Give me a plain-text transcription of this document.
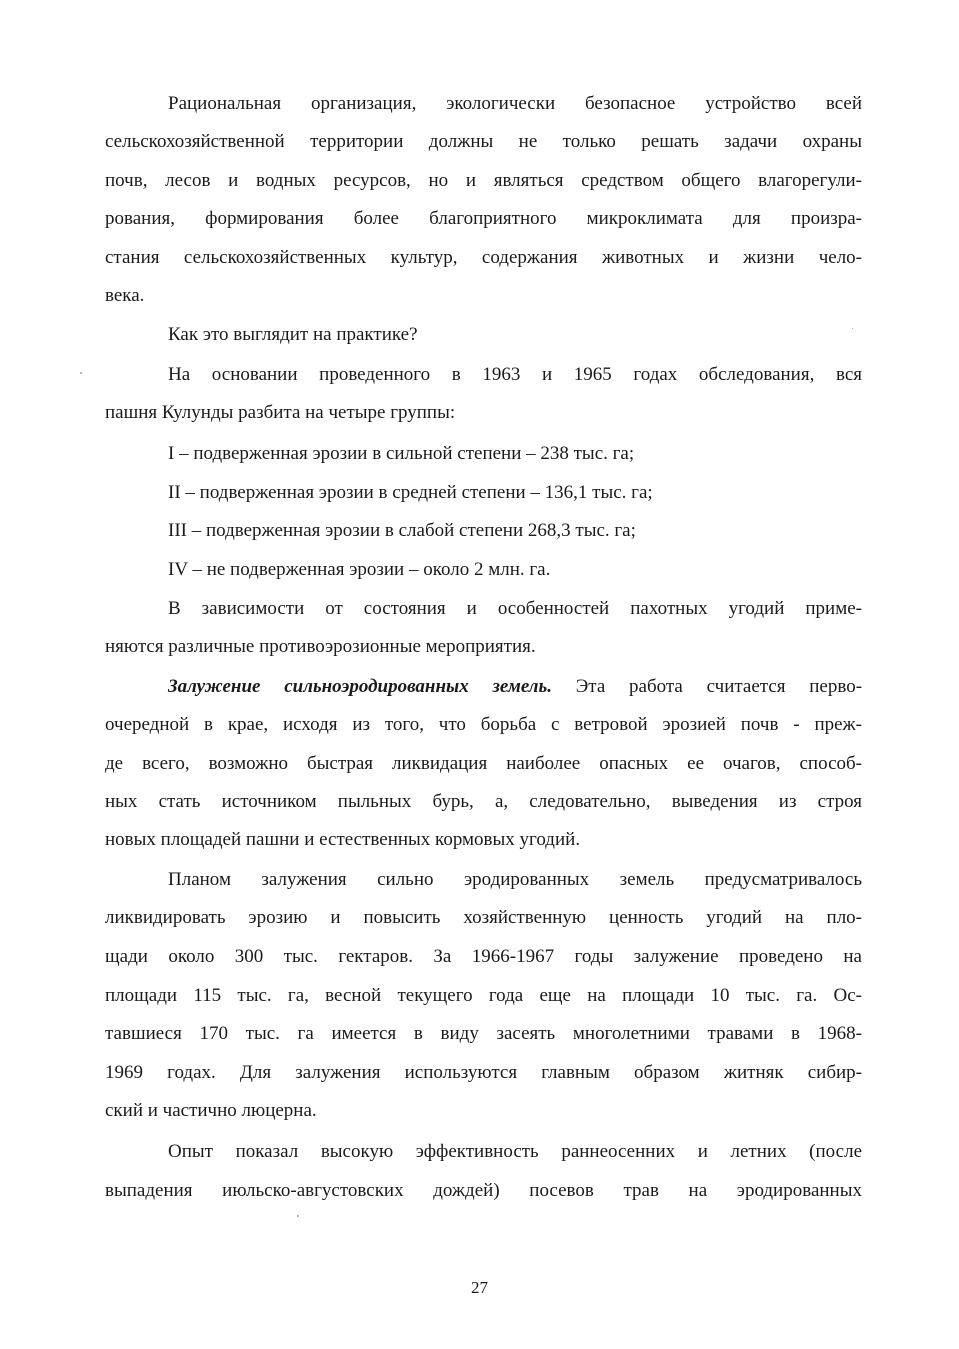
Рациональная организация, экологически безопасное устройство всей
сельскохозяйственной территории должны не только решать задачи охраны
почв, лесов и водных ресурсов, но и являться средством общего влагорегули-
рования, формирования более благоприятного микроклимата для произра-
стания сельскохозяйственных культур, содержания животных и жизни чело-
века.
Как это выглядит на практике?
На основании проведенного в 1963 и 1965 годах обследования, вся
пашня Кулунды разбита на четыре группы:
I – подверженная эрозии в сильной степени – 238 тыс. га;
II – подверженная эрозии в средней степени – 136,1 тыс. га;
III – подверженная эрозии в слабой степени 268,3 тыс. га;
IV – не подверженная эрозии – около 2 млн. га.
В зависимости от состояния и особенностей пахотных угодий приме-
няются различные противоэрозионные мероприятия.
Залужение сильноэродированных земель. Эта работа считается перво-
очередной в крае, исходя из того, что борьба с ветровой эрозией почв - преж-
де всего, возможно быстрая ликвидация наиболее опасных ее очагов, способ-
ных стать источником пыльных бурь, а, следовательно, выведения из строя
новых площадей пашни и естественных кормовых угодий.
Планом залужения сильно эродированных земель предусматривалось
ликвидировать эрозию и повысить хозяйственную ценность угодий на пло-
щади около 300 тыс. гектаров. За 1966-1967 годы залужение проведено на
площади 115 тыс. га, весной текущего года еще на площади 10 тыс. га. Ос-
тавшиеся 170 тыс. га имеется в виду засеять многолетними травами в 1968-
1969 годах. Для залужения используются главным образом житняк сибир-
ский и частично люцерна.
Опыт показал высокую эффективность раннеосенних и летних (после
выпадения июльско-августовских дождей) посевов трав на эродированных
27
